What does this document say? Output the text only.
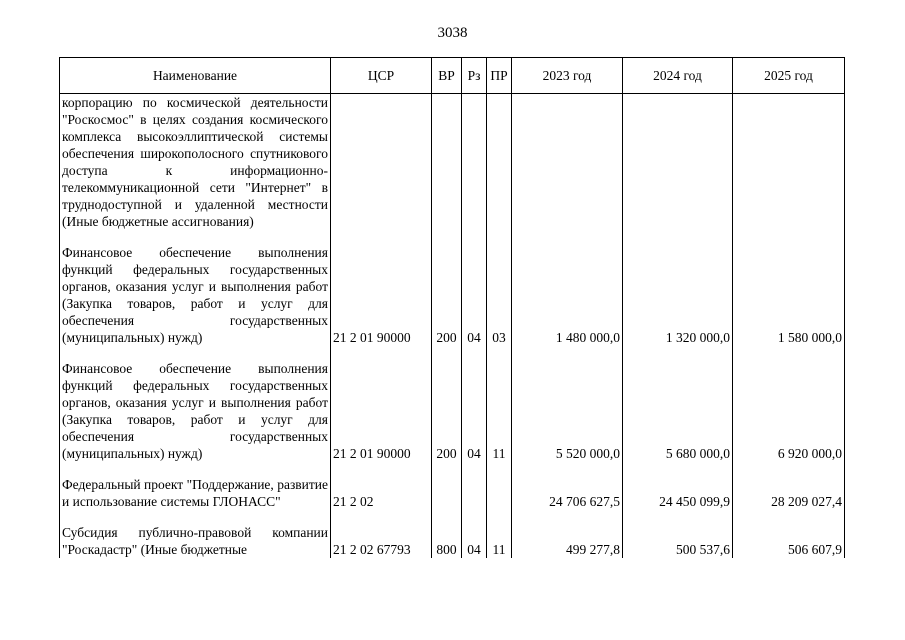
3038
Наименование	ЦСР	ВР	Рз	ПР	2023 год	2024 год	2025 год
корпорацию по космической деятельности "Роскосмос" в целях создания космического комплекса высокоэллиптической системы обеспечения широкополосного спутникового доступа к информационно-телекоммуникационной сети "Интернет" в труднодоступной и удаленной местности (Иные бюджетные ассигнования)							

Финансовое обеспечение выполнения функций федеральных государственных органов, оказания услуг и выполнения работ (Закупка товаров, работ и услуг для обеспечения государственных (муниципальных) нужд)	21 2 01 90000	200	04	03	1 480 000,0	1 320 000,0	1 580 000,0

Финансовое обеспечение выполнения функций федеральных государственных органов, оказания услуг и выполнения работ (Закупка товаров, работ и услуг для обеспечения государственных (муниципальных) нужд)	21 2 01 90000	200	04	11	5 520 000,0	5 680 000,0	6 920 000,0

Федеральный проект "Поддержание, развитие и использование системы ГЛОНАСС"	21 2 02				24 706 627,5	24 450 099,9	28 209 027,4

Субсидия публично-правовой компании "Роскадастр" (Иные бюджетные	21 2 02 67793	800	04	11	499 277,8	500 537,6	506 607,9
